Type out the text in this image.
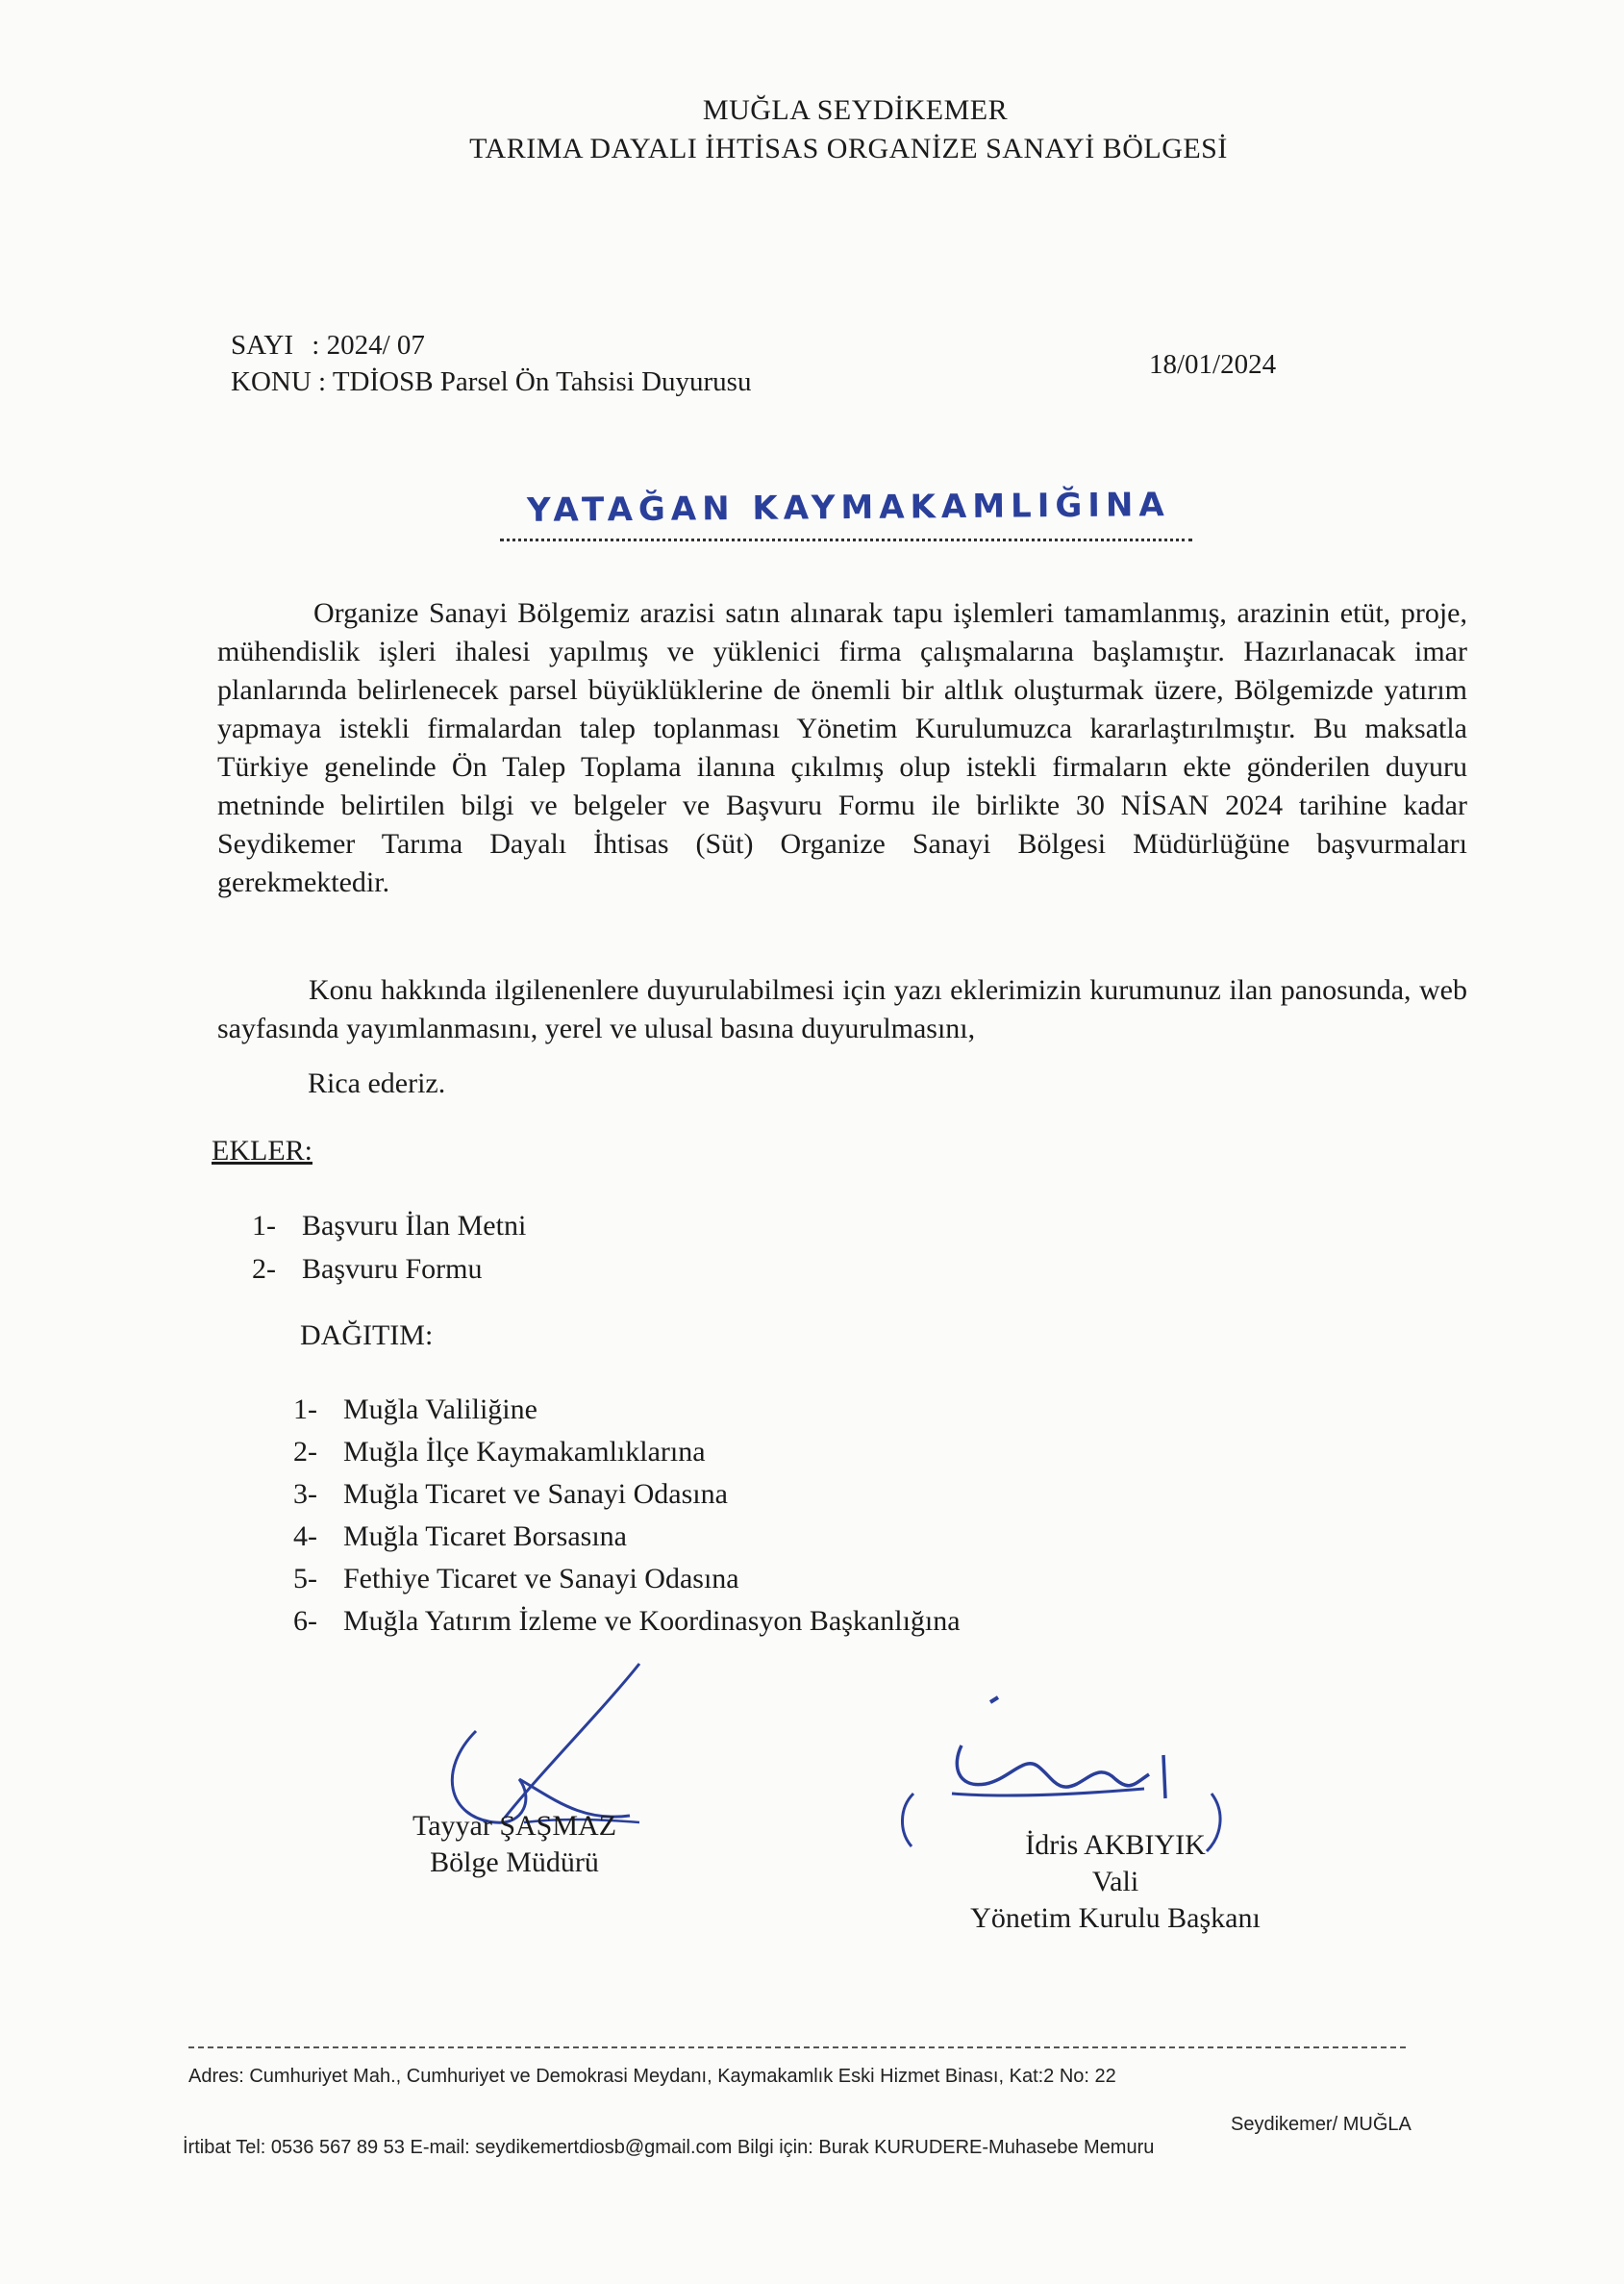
MUĞLA SEYDİKEMER
TARIMA DAYALI İHTİSAS ORGANİZE SANAYİ BÖLGESİ
SAYI : 2024/ 07
KONU : TDİOSB Parsel Ön Tahsisi Duyurusu
18/01/2024
YATAĞAN KAYMAKAMLIĞINA
Organize Sanayi Bölgemiz arazisi satın alınarak tapu işlemleri tamamlanmış, arazinin etüt, proje, mühendislik işleri ihalesi yapılmış ve yüklenici firma çalışmalarına başlamıştır. Hazırlanacak imar planlarında belirlenecek parsel büyüklüklerine de önemli bir altlık oluşturmak üzere, Bölgemizde yatırım yapmaya istekli firmalardan talep toplanması Yönetim Kurulumuzca kararlaştırılmıştır. Bu maksatla Türkiye genelinde Ön Talep Toplama ilanına çıkılmış olup istekli firmaların ekte gönderilen duyuru metninde belirtilen bilgi ve belgeler ve Başvuru Formu ile birlikte 30 NİSAN 2024 tarihine kadar Seydikemer Tarıma Dayalı İhtisas (Süt) Organize Sanayi Bölgesi Müdürlüğüne başvurmaları gerekmektedir.
Konu hakkında ilgilenenlere duyurulabilmesi için yazı eklerimizin kurumunuz ilan panosunda, web sayfasında yayımlanmasını, yerel ve ulusal basına duyurulmasını,
Rica ederiz.
EKLER:
1- Başvuru İlan Metni
2- Başvuru Formu
DAĞITIM:
1- Muğla Valiliğine
2- Muğla İlçe Kaymakamlıklarına
3- Muğla Ticaret ve Sanayi Odasına
4- Muğla Ticaret Borsasına
5- Fethiye Ticaret ve Sanayi Odasına
6- Muğla Yatırım İzleme ve Koordinasyon Başkanlığına
Tayyar ŞAŞMAZ
Bölge Müdürü
İdris AKBIYIK
Vali
Yönetim Kurulu Başkanı
Adres: Cumhuriyet Mah., Cumhuriyet ve Demokrasi Meydanı, Kaymakamlık Eski Hizmet Binası, Kat:2 No: 22
Seydikemer/ MUĞLA
İrtibat Tel: 0536 567 89 53 E-mail: seydikemertdiosb@gmail.com Bilgi için: Burak KURUDERE-Muhasebe Memuru
